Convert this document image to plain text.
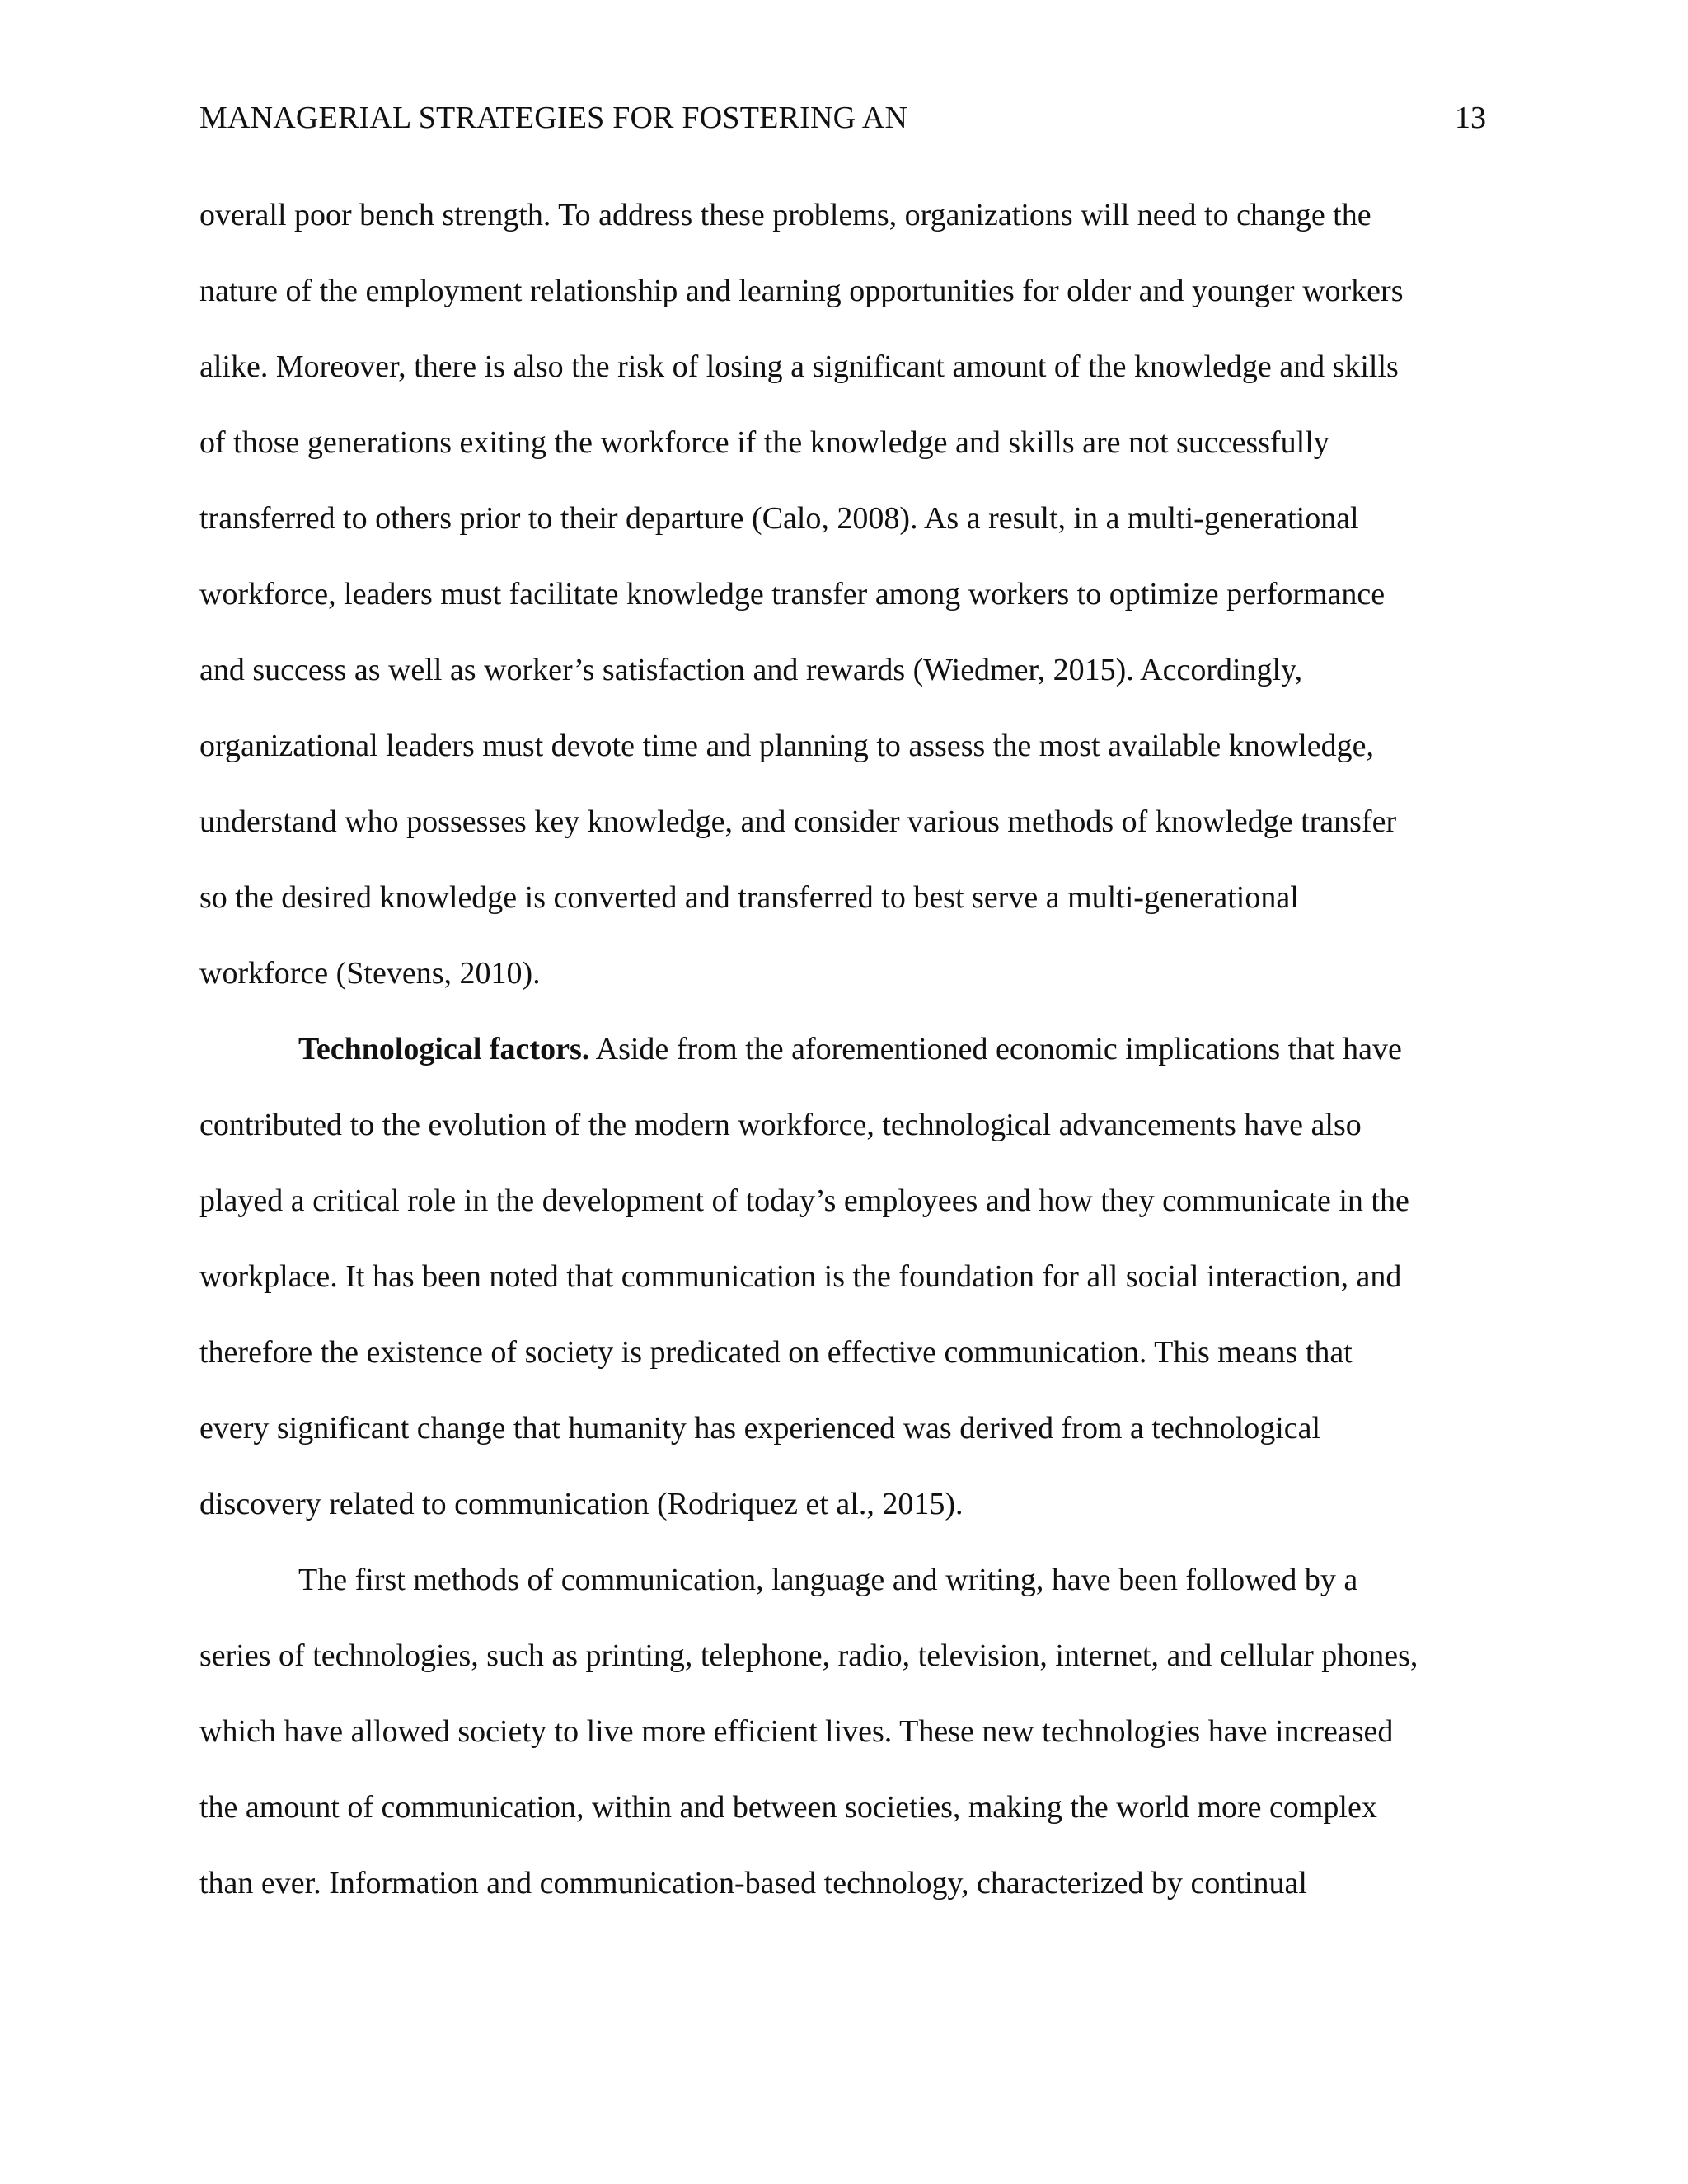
MANAGERIAL STRATEGIES FOR FOSTERING AN	13
overall poor bench strength. To address these problems, organizations will need to change the
nature of the employment relationship and learning opportunities for older and younger workers
alike. Moreover, there is also the risk of losing a significant amount of the knowledge and skills
of those generations exiting the workforce if the knowledge and skills are not successfully
transferred to others prior to their departure (Calo, 2008). As a result, in a multi-generational
workforce, leaders must facilitate knowledge transfer among workers to optimize performance
and success as well as worker’s satisfaction and rewards (Wiedmer, 2015). Accordingly,
organizational leaders must devote time and planning to assess the most available knowledge,
understand who possesses key knowledge, and consider various methods of knowledge transfer
so the desired knowledge is converted and transferred to best serve a multi-generational
workforce (Stevens, 2010).
Technological factors. Aside from the aforementioned economic implications that have
contributed to the evolution of the modern workforce, technological advancements have also
played a critical role in the development of today’s employees and how they communicate in the
workplace. It has been noted that communication is the foundation for all social interaction, and
therefore the existence of society is predicated on effective communication. This means that
every significant change that humanity has experienced was derived from a technological
discovery related to communication (Rodriquez et al., 2015).
The first methods of communication, language and writing, have been followed by a
series of technologies, such as printing, telephone, radio, television, internet, and cellular phones,
which have allowed society to live more efficient lives. These new technologies have increased
the amount of communication, within and between societies, making the world more complex
than ever. Information and communication-based technology, characterized by continual
